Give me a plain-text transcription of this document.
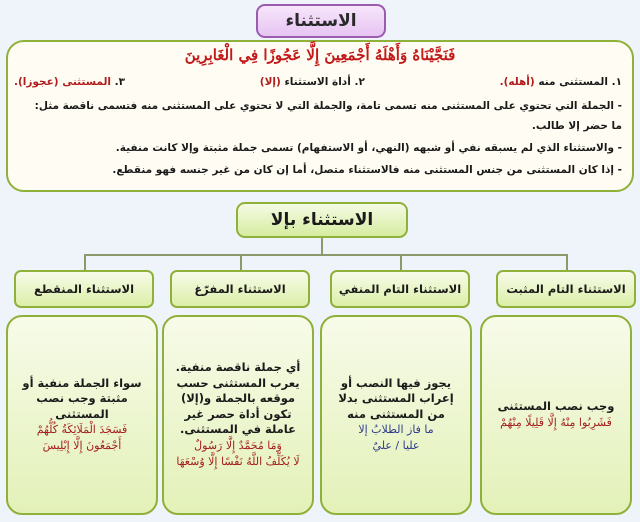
الاستثناء
فَنَجَّيْنَاهُ وَأَهْلَهُ أَجْمَعِينَ إِلَّا عَجُوزًا فِي الْغَابِرِينَ
١. المستثنى منه (أهله).
٢. أداة الاستثناء (إلا)
٣. المستثنى (عجوزا).
- الجملة التي تحتوي على المستثنى منه تسمى تامة، والجملة التي لا تحتوي على المستثنى منه فتسمى ناقصة مثل:
ما حضر إلا طالب.
- والاستثناء الذي لم يسبقه نفي أو شبهه (النهي، أو الاستفهام) تسمى جملة مثبتة وإلا كانت منفية.
- إذا كان المستثنى من جنس المستثنى منه فالاستثناء متصل، أما إن كان من غير جنسه فهو منقطع.
الاستثناء بإلا
الاستثناء التام المثبت
الاستثناء التام المنفي
الاستثناء المفرّغ
الاستثناء المنقطع
وجب نصب المستثنى
فَشَرِبُوا مِنْهُ إِلَّا قَلِيلًا مِنْهُمْ
يجوز فيها النصب أو إعراب المستثنى بدلا من المستثنى منه
ما فاز الطلابُ إلا
عليا / عليٌ
أي جملة ناقصة منفية. يعرب المستثنى حسب موقعه بالجملة و(إلا) تكون أداة حصر غير عاملة في المستثنى.
وَمَا مُحَمَّدٌ إِلَّا رَسُولٌ
لَا يُكَلِّفُ اللَّهُ نَفْسًا إِلَّا وُسْعَهَا
سواء الجملة منفية أو مثبتة وجب نصب المستثنى
فَسَجَدَ الْمَلَائِكَةُ كُلُّهُمْ
أَجْمَعُونَ إِلَّا إِبْلِيسَ
